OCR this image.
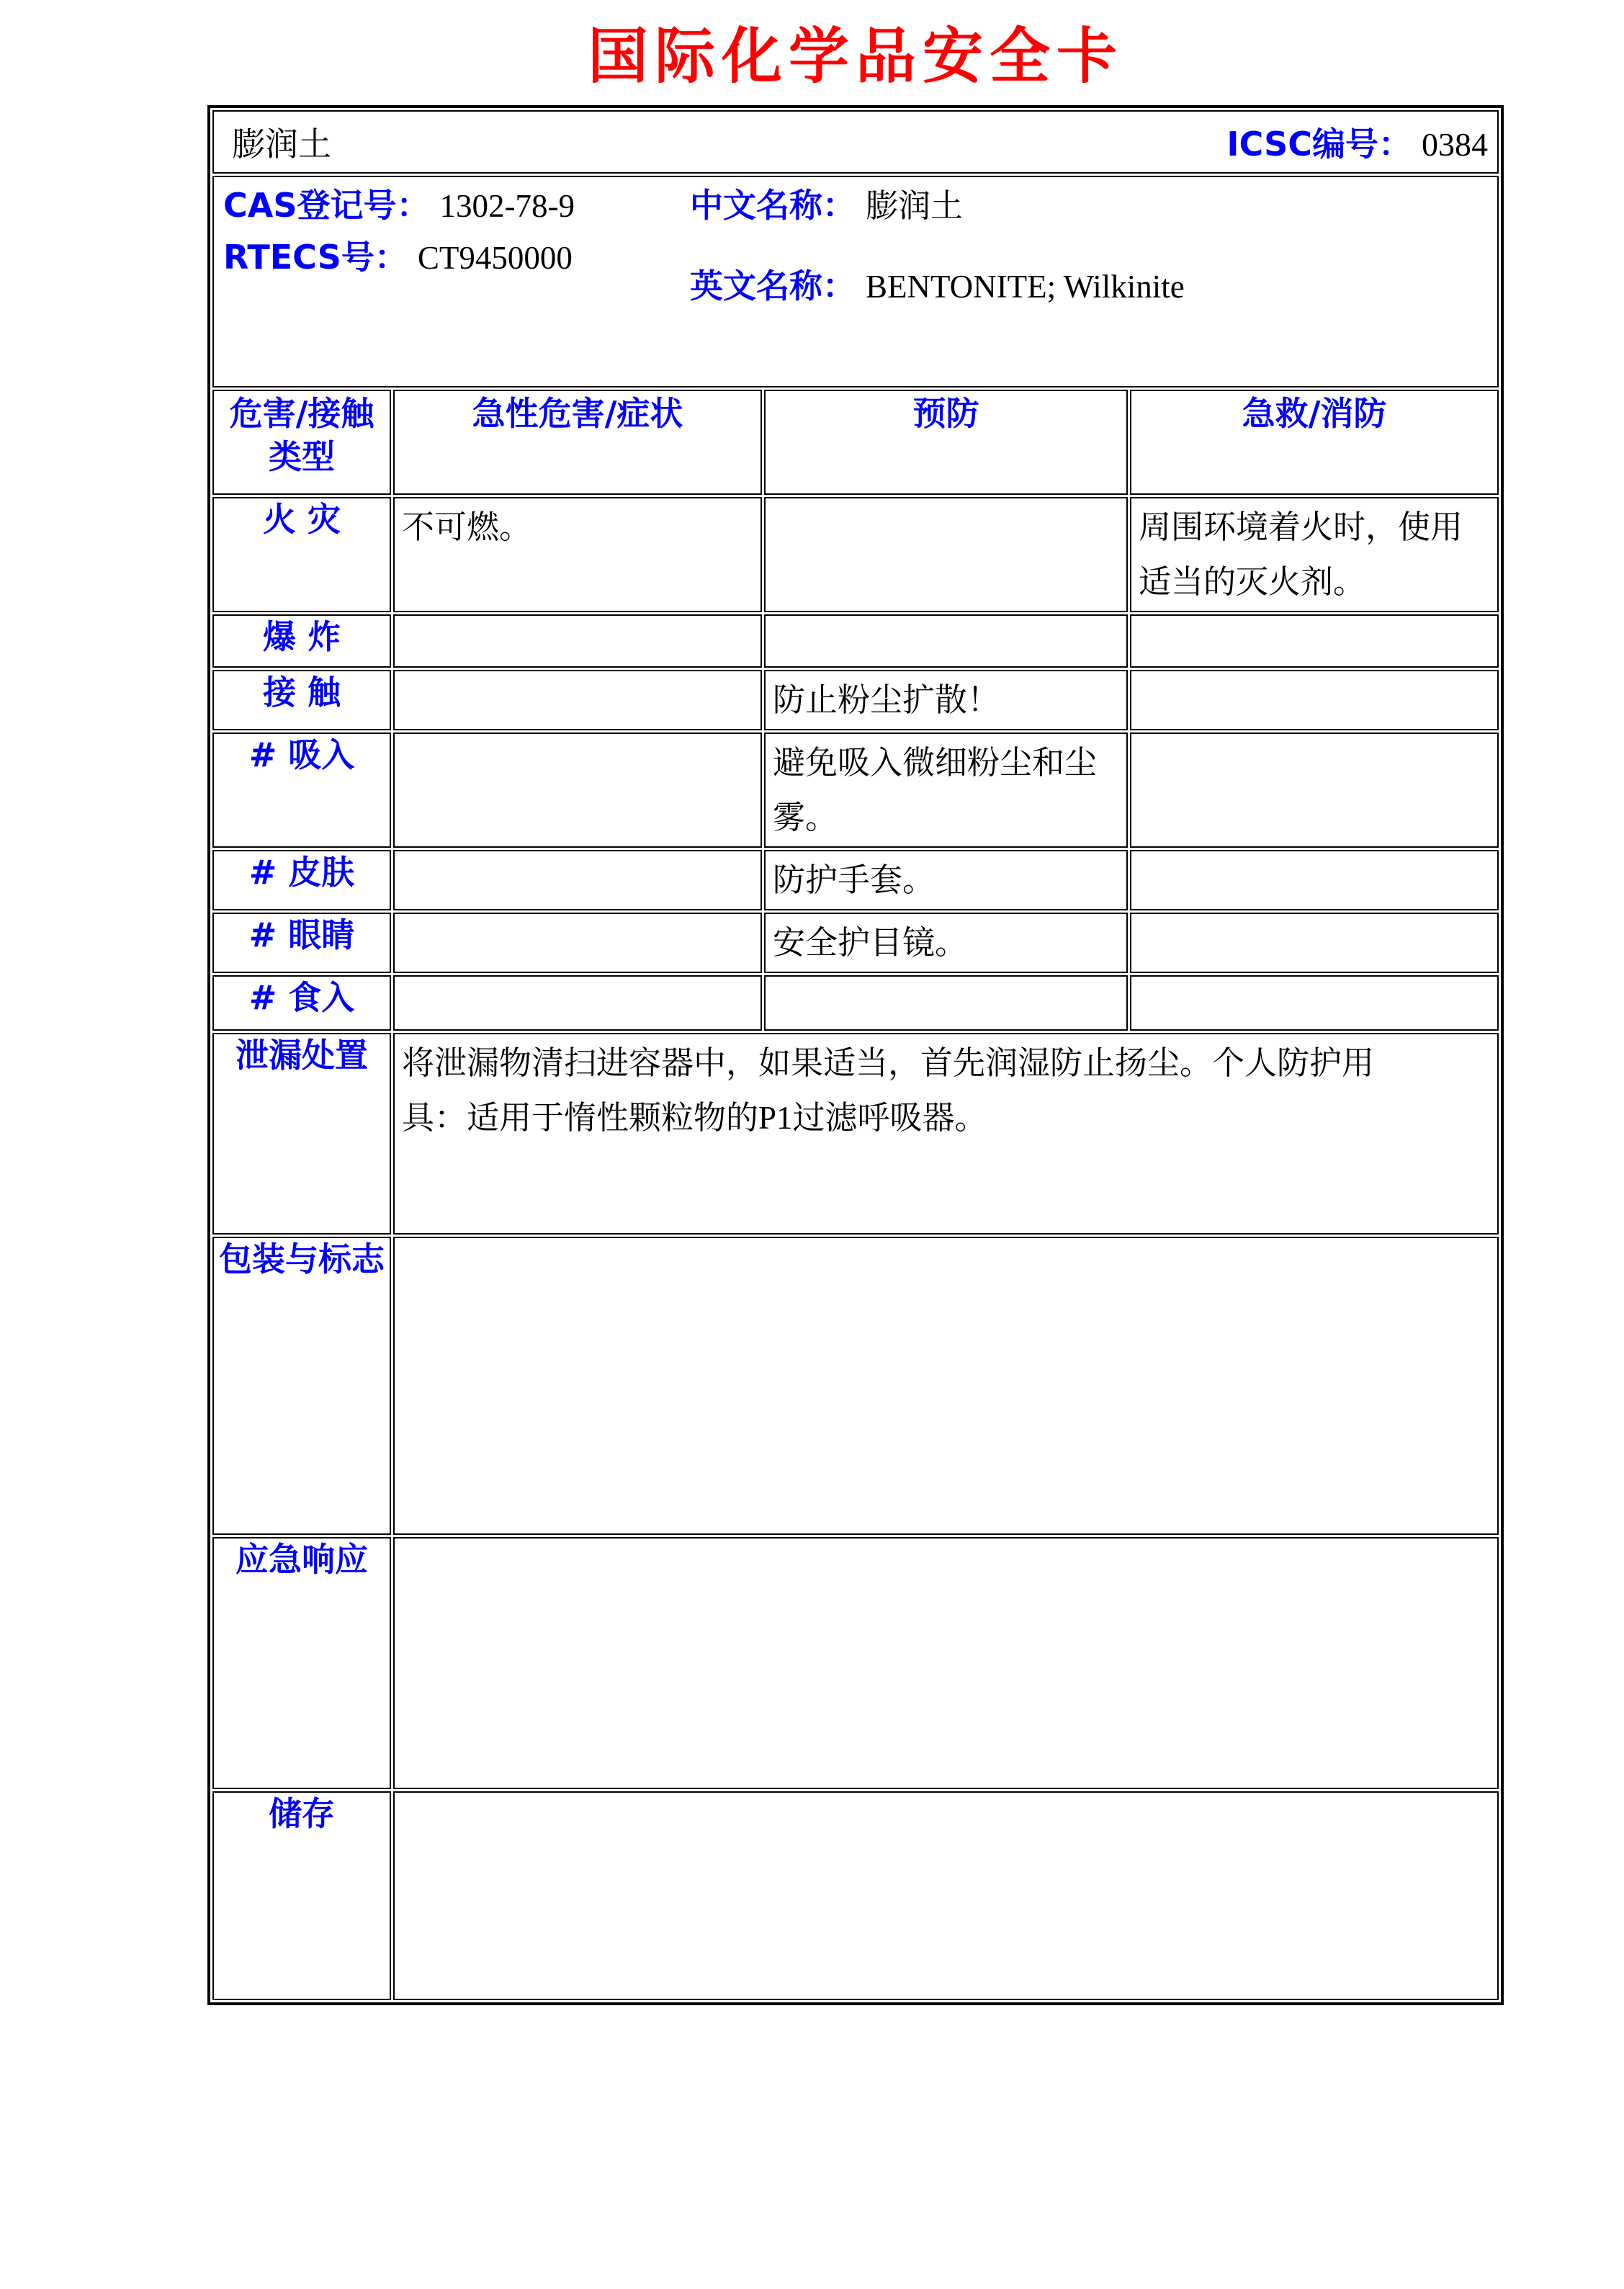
国际化学品安全卡
膨润土 ICSC编号： 0384			

CAS登记号： 1302-78-9
RTECS号： CT9450000
中文名称： 膨润土
英文名称： BENTONITE; Wilkinite			

危害/接触
类型	急性危害/症状	预防	急救/消防
火 灾	不可燃。		周围环境着火时，使用适当的灭火剂。
爆 炸			
接 触		防止粉尘扩散！	
# 吸入		避免吸入微细粉尘和尘雾。	
# 皮肤		防护手套。	
# 眼睛		安全护目镜。	
# 食入			
泄漏处置	将泄漏物清扫进容器中，如果适当，首先润湿防止扬尘。个人防护用具：适用于惰性颗粒物的P1过滤呼吸器。		

包装与标志			
应急响应			
储存			
